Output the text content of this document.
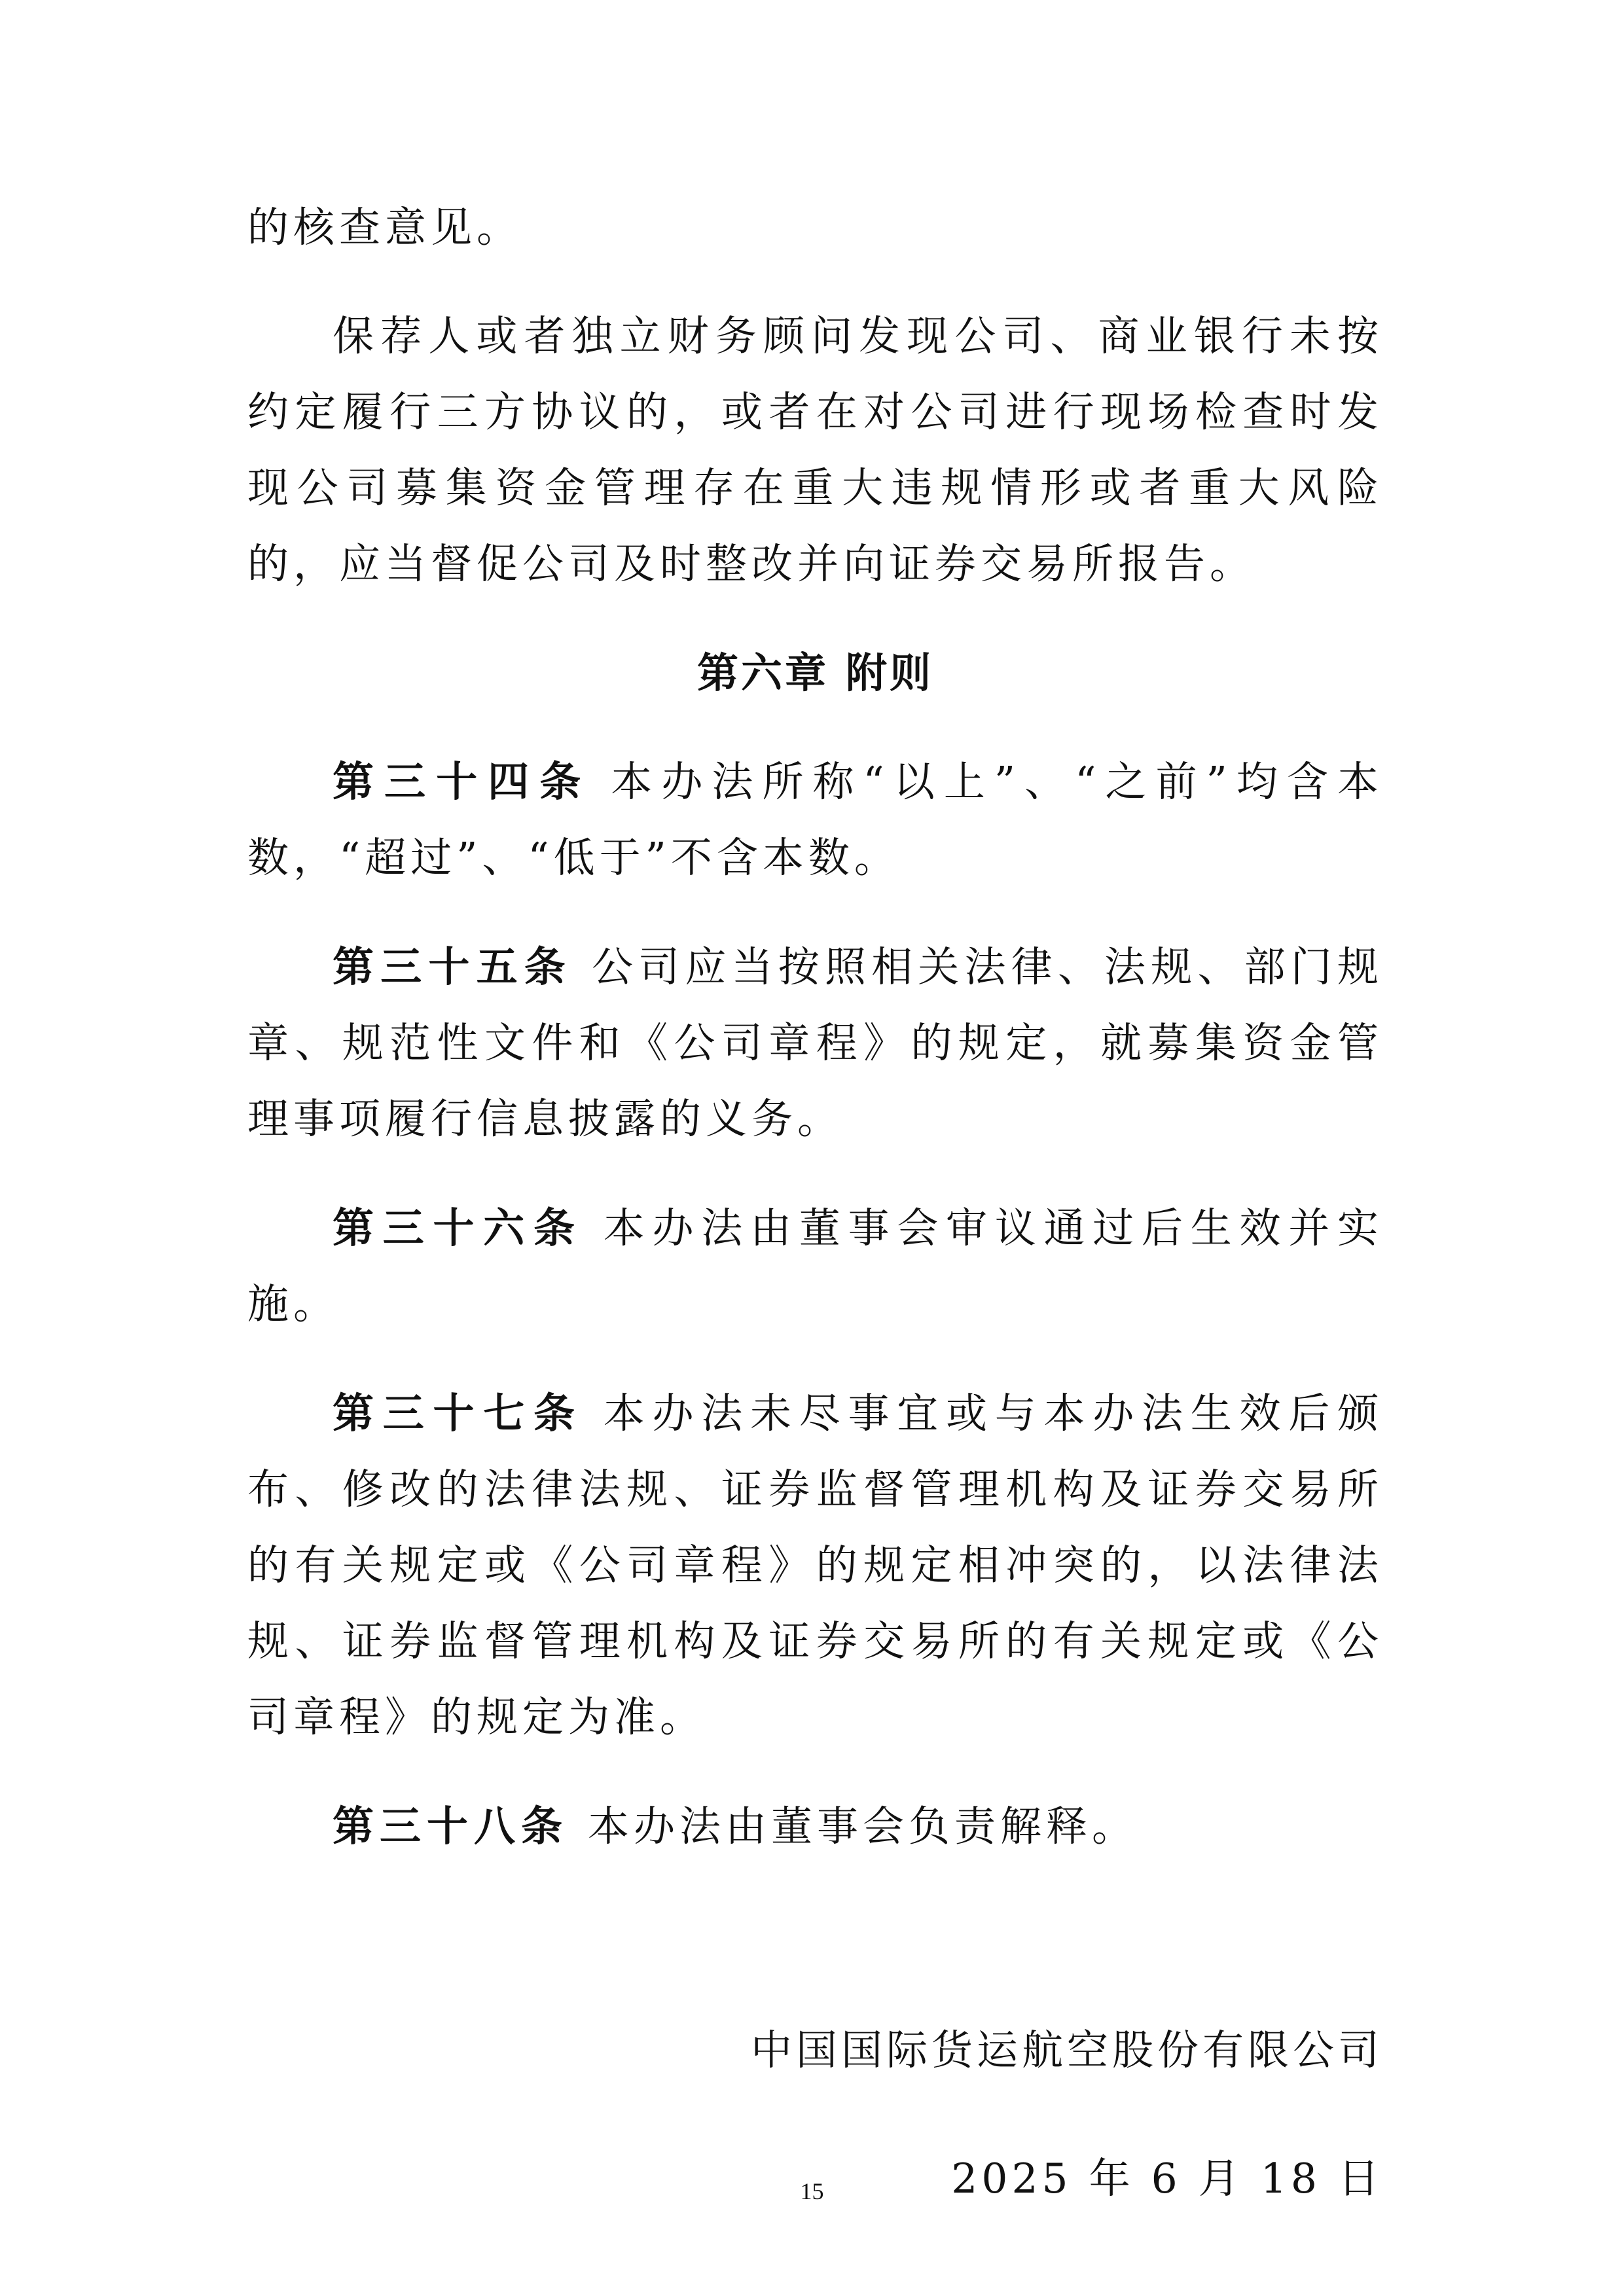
的核查意见。

保荐人或者独立财务顾问发现公司、商业银行未按约定履行三方协议的，或者在对公司进行现场检查时发现公司募集资金管理存在重大违规情形或者重大风险的，应当督促公司及时整改并向证券交易所报告。

第六章 附则

第三十四条 本办法所称“以上”、“之前”均含本数，“超过”、“低于”不含本数。

第三十五条 公司应当按照相关法律、法规、部门规章、规范性文件和《公司章程》的规定，就募集资金管理事项履行信息披露的义务。

第三十六条 本办法由董事会审议通过后生效并实施。

第三十七条 本办法未尽事宜或与本办法生效后颁布、修改的法律法规、证券监督管理机构及证券交易所的有关规定或《公司章程》的规定相冲突的，以法律法规、证券监督管理机构及证券交易所的有关规定或《公司章程》的规定为准。

第三十八条 本办法由董事会负责解释。

中国国际货运航空股份有限公司

2025 年 6 月 18 日

15
